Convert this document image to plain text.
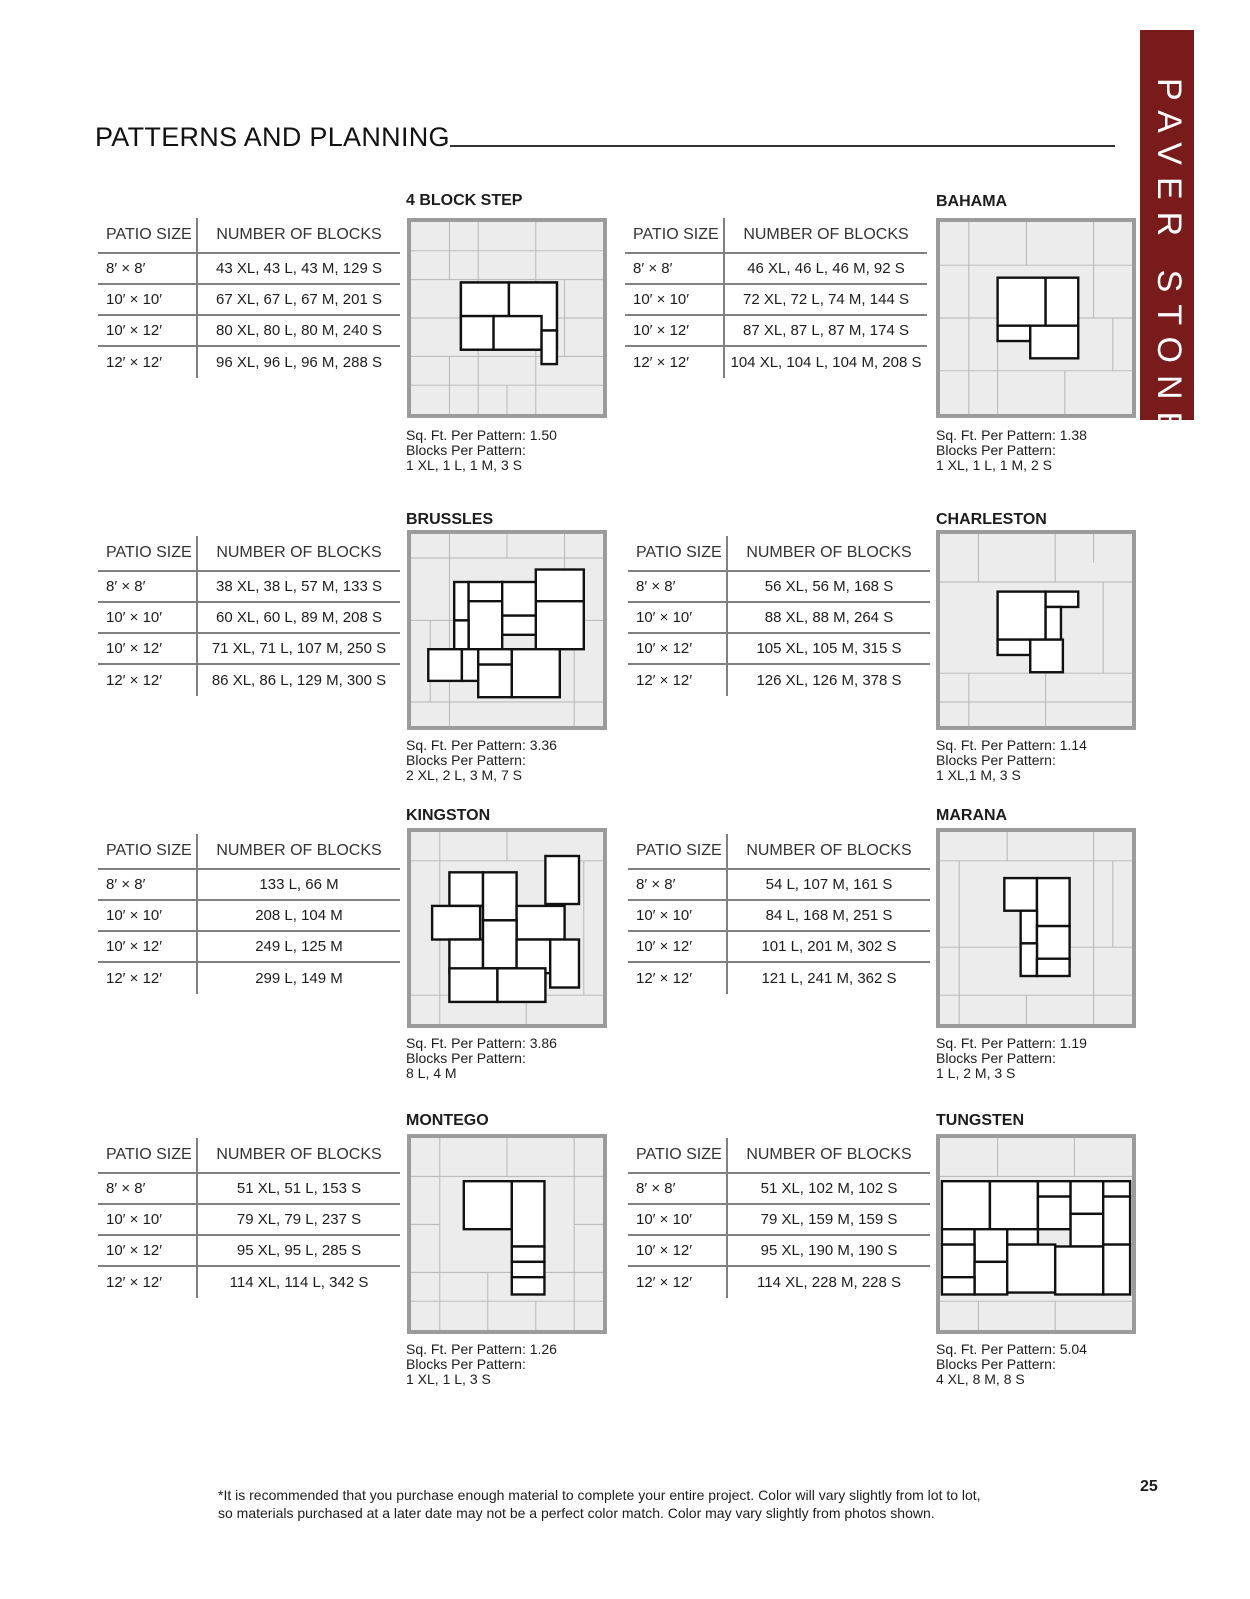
PATTERNS AND PLANNING	PAVER STONES
PATIO SIZE	NUMBER OF BLOCKS
8′ × 8′	43 XL, 43 L, 43 M, 129 S
10′ × 10′	67 XL, 67 L, 67 M, 201 S
10′ × 12′	80 XL, 80 L, 80 M, 240 S
12′ × 12′	96 XL, 96 L, 96 M, 288 S
PATIO SIZE	NUMBER OF BLOCKS
8′ × 8′	46 XL, 46 L, 46 M, 92 S
10′ × 10′	72 XL, 72 L, 74 M, 144 S
10′ × 12′	87 XL, 87 L, 87 M, 174 S
12′ × 12′	104 XL, 104 L, 104 M, 208 S
PATIO SIZE	NUMBER OF BLOCKS
8′ × 8′	38 XL, 38 L, 57 M, 133 S
10′ × 10′	60 XL, 60 L, 89 M, 208 S
10′ × 12′	71 XL, 71 L, 107 M, 250 S
12′ × 12′	86 XL, 86 L, 129 M, 300 S
PATIO SIZE	NUMBER OF BLOCKS
8′ × 8′	56 XL, 56 M, 168 S
10′ × 10′	88 XL, 88 M, 264 S
10′ × 12′	105 XL, 105 M, 315 S
12′ × 12′	126 XL, 126 M, 378 S
PATIO SIZE	NUMBER OF BLOCKS
8′ × 8′	133 L, 66 M
10′ × 10′	208 L, 104 M
10′ × 12′	249 L, 125 M
12′ × 12′	299 L, 149 M
PATIO SIZE	NUMBER OF BLOCKS
8′ × 8′	54 L, 107 M, 161 S
10′ × 10′	84 L, 168 M, 251 S
10′ × 12′	101 L, 201 M, 302 S
12′ × 12′	121 L, 241 M, 362 S
PATIO SIZE	NUMBER OF BLOCKS
8′ × 8′	51 XL, 51 L, 153 S
10′ × 10′	79 XL, 79 L, 237 S
10′ × 12′	95 XL, 95 L, 285 S
12′ × 12′	114 XL, 114 L, 342 S
PATIO SIZE	NUMBER OF BLOCKS
8′ × 8′	51 XL, 102 M, 102 S
10′ × 10′	79 XL, 159 M, 159 S
10′ × 12′	95 XL, 190 M, 190 S
12′ × 12′	114 XL, 228 M, 228 S
4 BLOCK STEP	BAHAMA
BRUSSLES	CHARLESTON
KINGSTON	MARANA
MONTEGO	TUNGSTEN
Sq. Ft. Per Pattern: 1.50
Blocks Per Pattern:
1 XL, 1 L, 1 M, 3 S
Sq. Ft. Per Pattern: 1.38
Blocks Per Pattern:
1 XL, 1 L, 1 M, 2 S
Sq. Ft. Per Pattern: 3.36
Blocks Per Pattern:
2 XL, 2 L, 3 M, 7 S
Sq. Ft. Per Pattern: 1.14
Blocks Per Pattern:
1 XL,1 M, 3 S
Sq. Ft. Per Pattern: 3.86
Blocks Per Pattern:
8 L, 4 M
Sq. Ft. Per Pattern: 1.19
Blocks Per Pattern:
1 L, 2 M, 3 S
Sq. Ft. Per Pattern: 1.26
Blocks Per Pattern:
1 XL, 1 L, 3 S
Sq. Ft. Per Pattern: 5.04
Blocks Per Pattern:
4 XL, 8 M, 8 S
*It is recommended that you purchase enough material to complete your entire project. Color will vary slightly from lot to lot,
so materials purchased at a later date may not be a perfect color match. Color may vary slightly from photos shown.
25
